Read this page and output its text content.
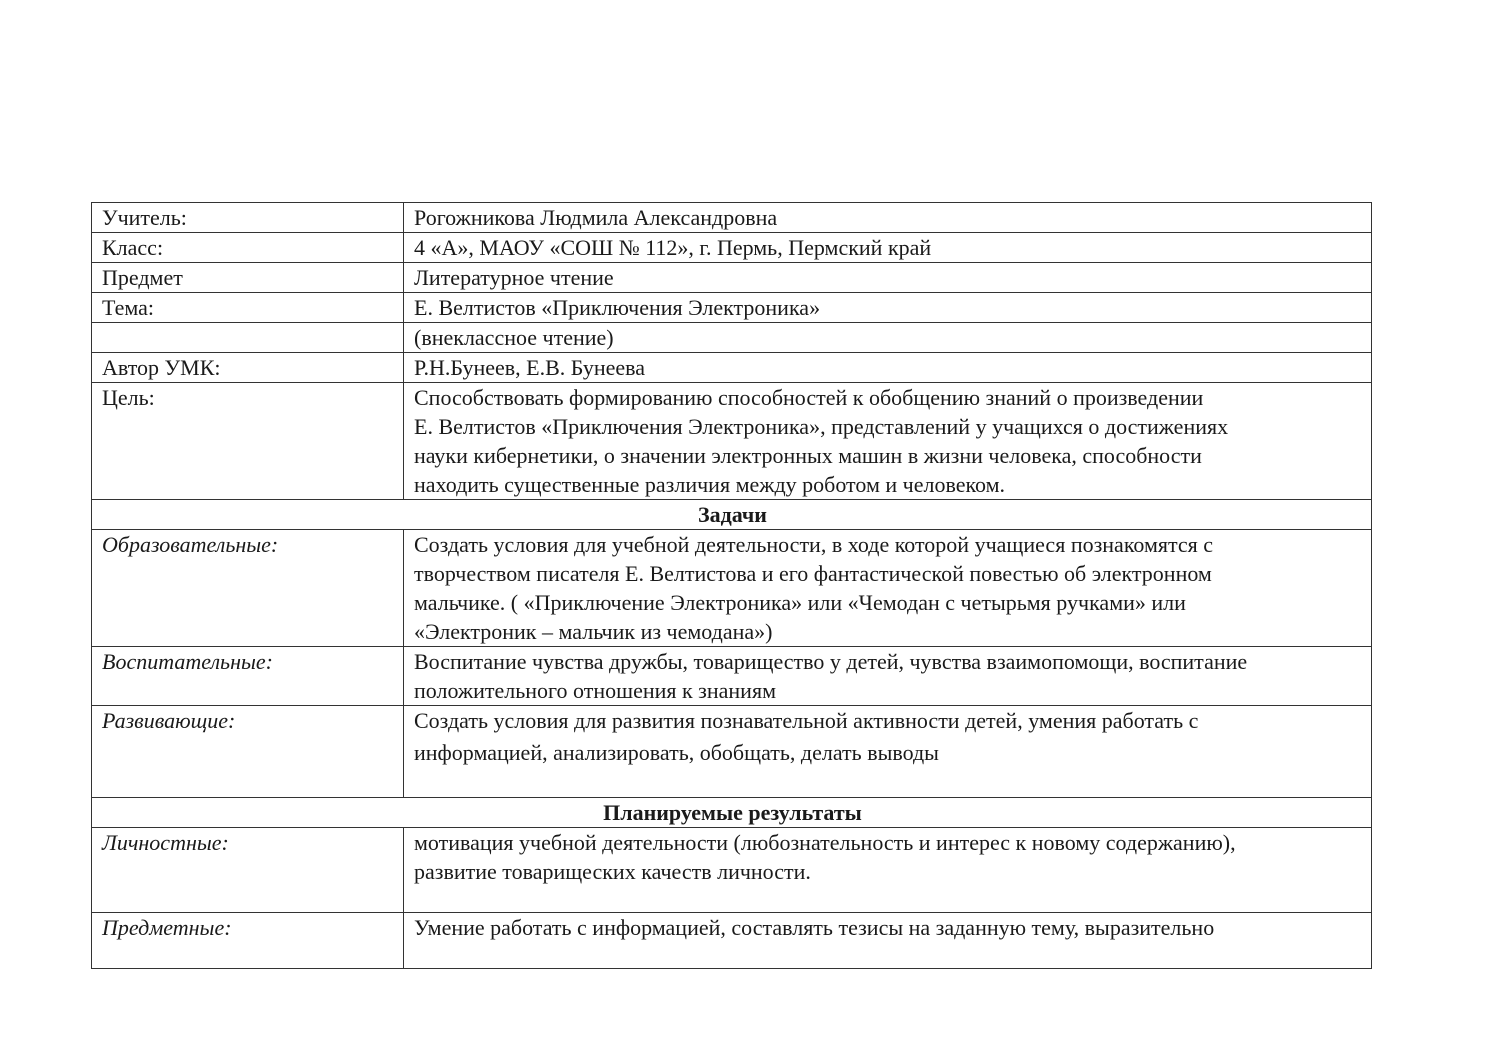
Учитель:	Рогожникова Людмила Александровна
Класс:	4 «А», МАОУ «СОШ № 112», г. Пермь, Пермский край
Предмет	Литературное чтение
Тема:	Е. Велтистов «Приключения Электроника»
	(внеклассное чтение)
Автор УМК:	Р.Н.Бунеев, Е.В. Бунеева
Цель:	Способствовать формированию способностей к обобщению знаний о произведении
Е. Велтистов «Приключения Электроника», представлений у учащихся о достижениях
науки кибернетики, о значении электронных машин в жизни человека, способности
находить существенные различия между роботом и человеком.

Задачи	
Образовательные:	Создать условия для учебной деятельности, в ходе которой учащиеся познакомятся с
творчеством писателя Е. Велтистова и его фантастической повестью об электронном
мальчике. ( «Приключение Электроника» или «Чемодан с четырьмя ручками» или
«Электроник – мальчик из чемодана»)

Воспитательные:	Воспитание чувства дружбы, товарищество у детей, чувства взаимопомощи, воспитание
положительного отношения к знаниям

Развивающие:	Создать условия для развития познавательной активности детей, умения работать с
информацией, анализировать, обобщать, делать выводы

Планируемые результаты	
Личностные:	мотивация учебной деятельности (любознательность и интерес к новому содержанию),
развитие товарищеских качеств личности.

Предметные:	Умение работать с информацией, составлять тезисы на заданную тему, выразительно
